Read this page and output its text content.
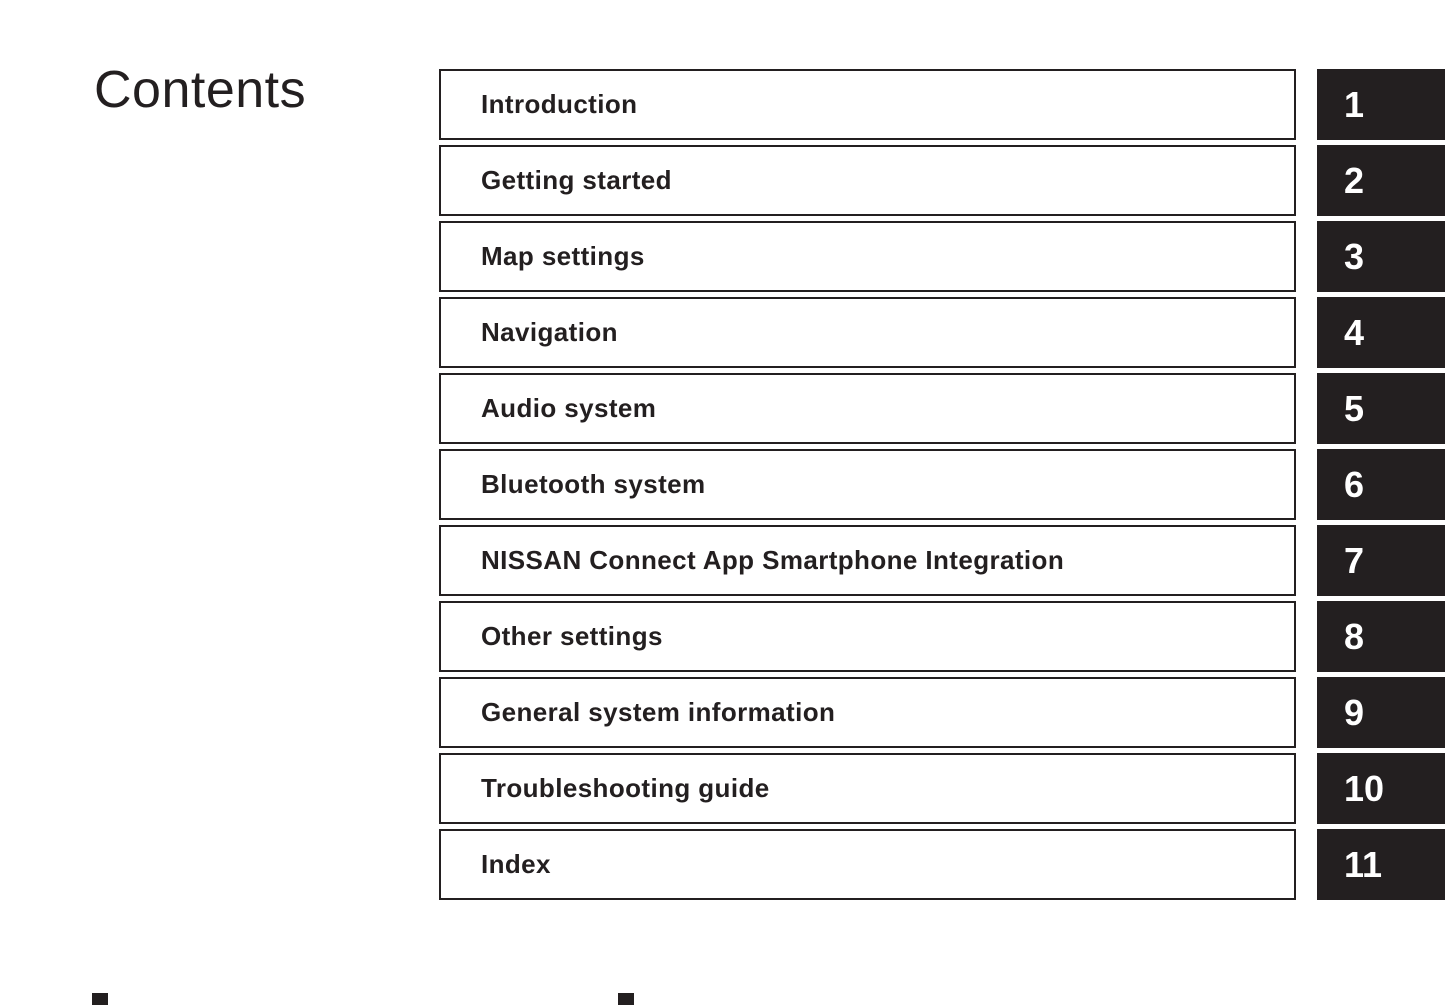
Contents	Introduction	1
Getting started	2
Map settings	3
Navigation	4
Audio system	5
Bluetooth system	6
NISSAN Connect App Smartphone Integration	7
Other settings	8
General system information	9
Troubleshooting guide	10
Index	11
